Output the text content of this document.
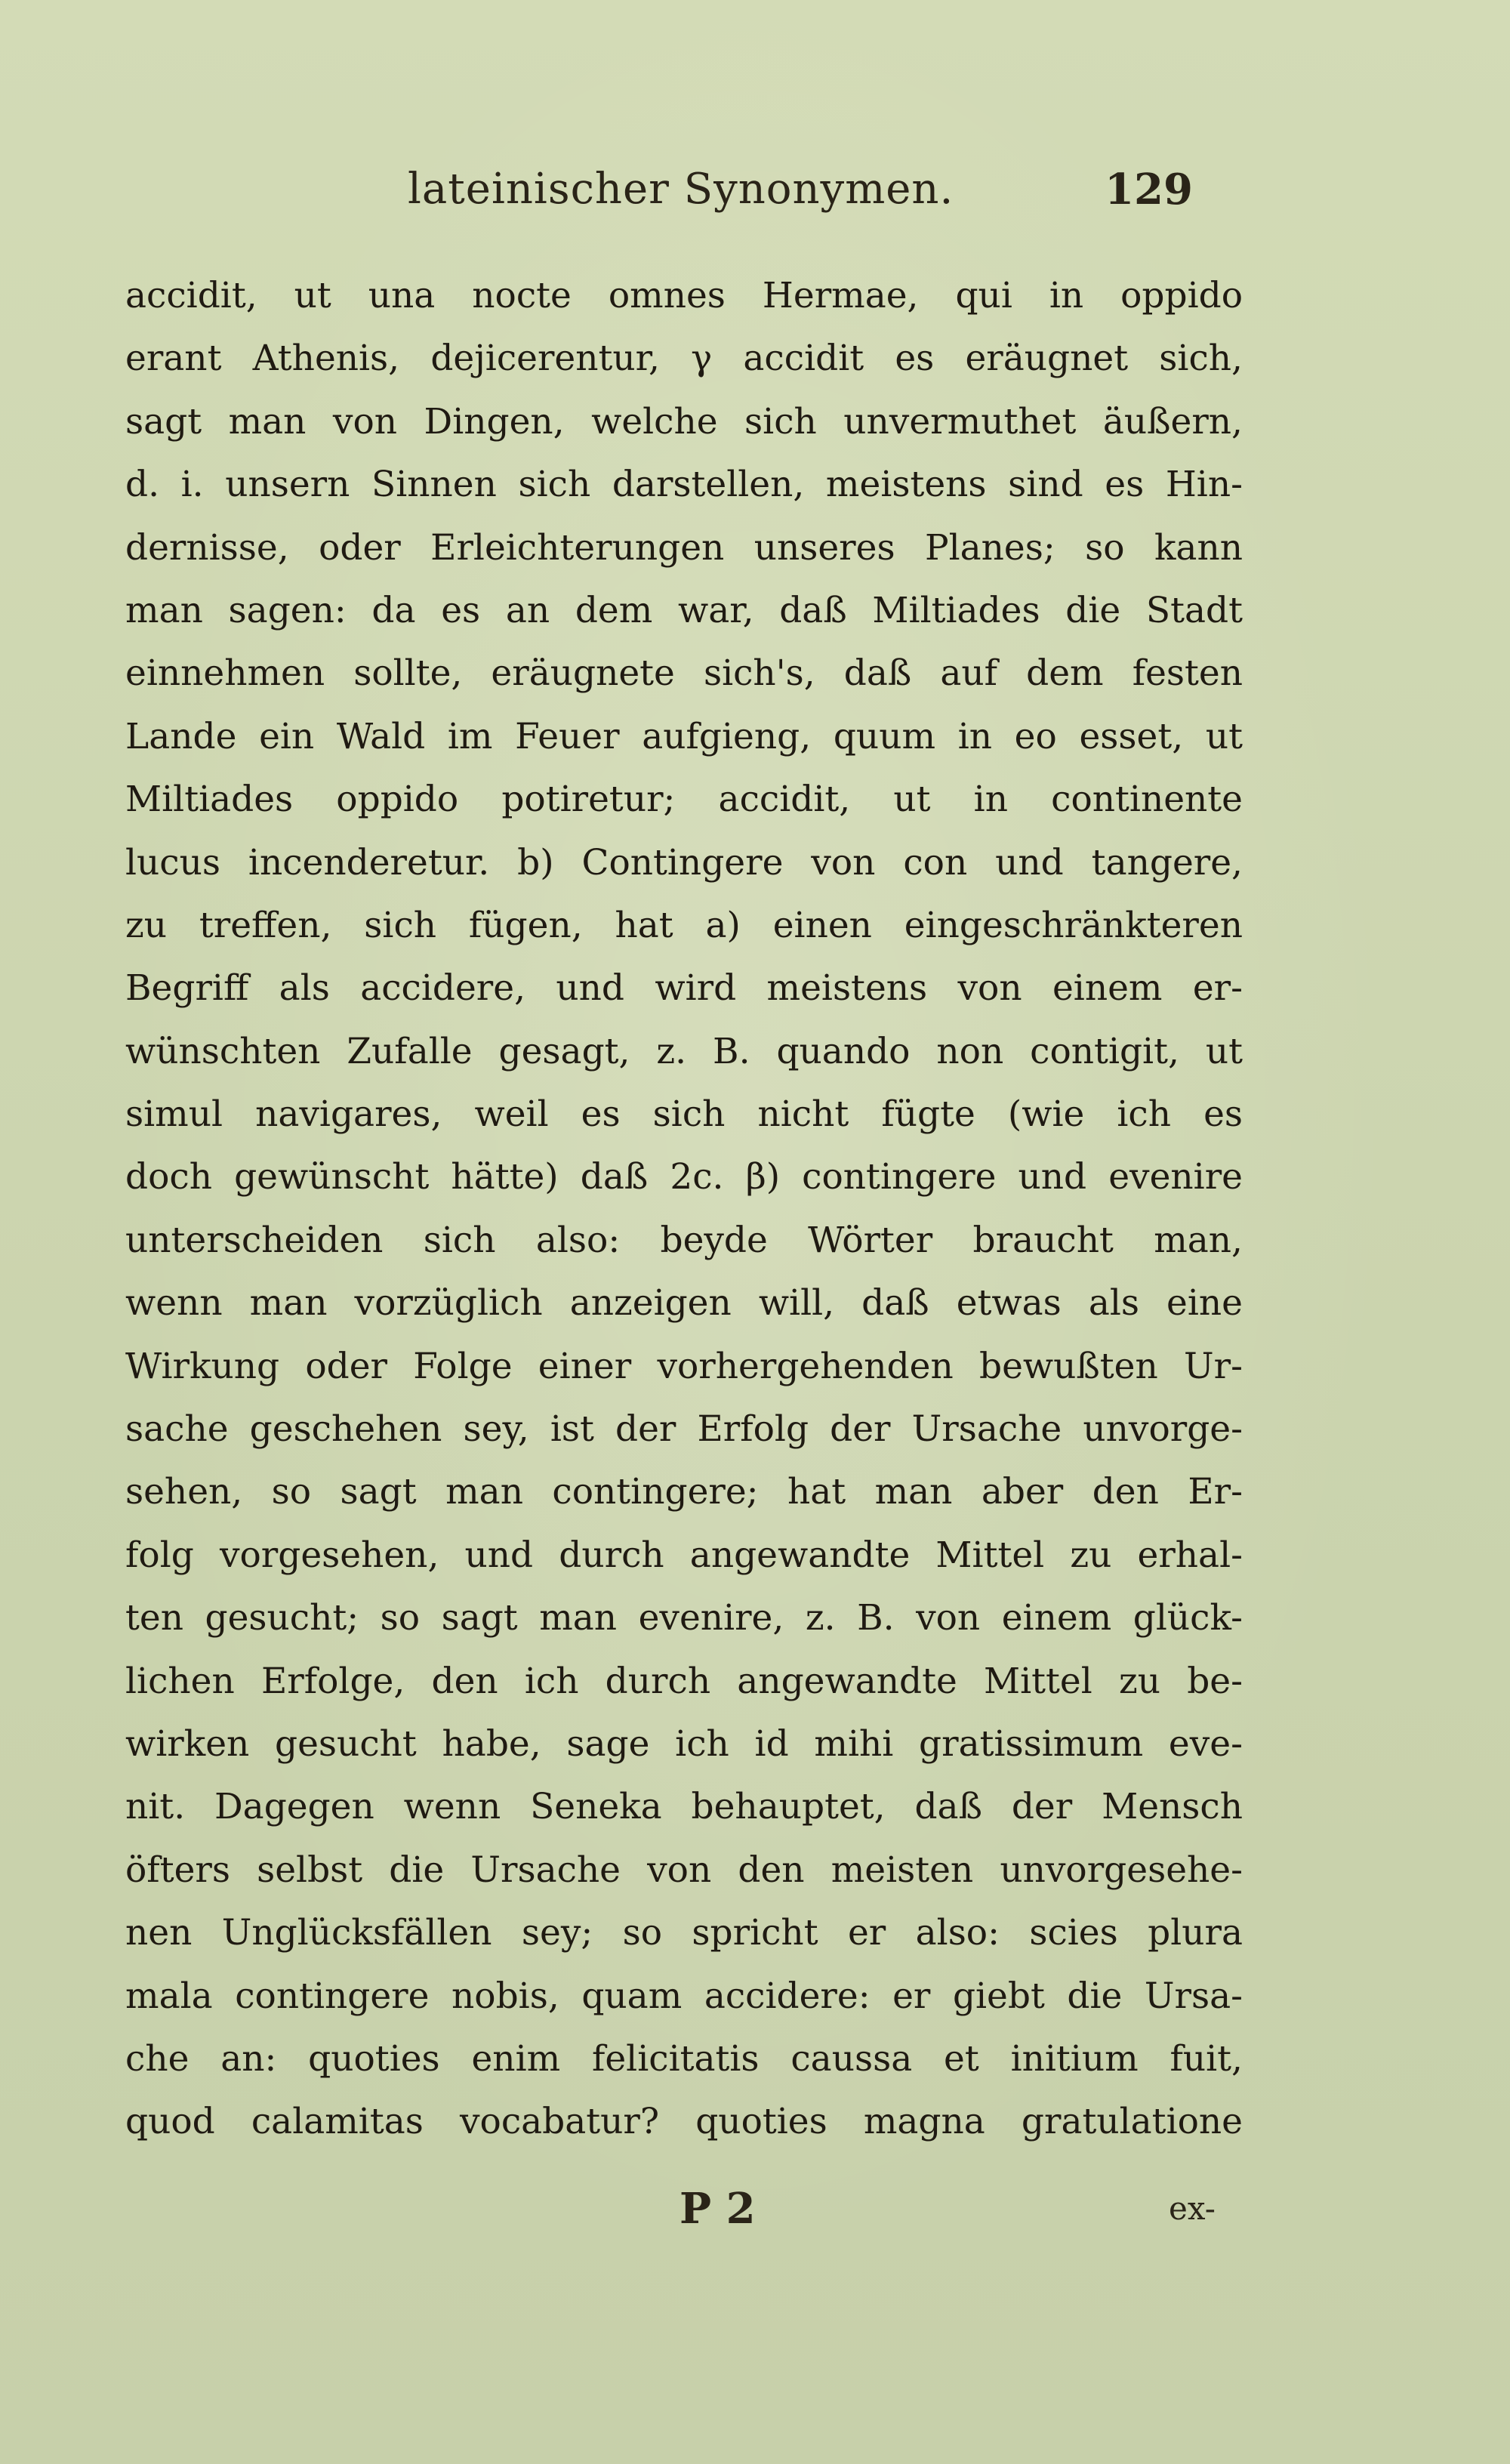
lateinischer Synonymen.	129
accidit, ut una nocte omnes Hermae, qui in oppido
erant Athenis, dejicerentur, γ accidit es eräugnet sich,
sagt man von Dingen, welche sich unvermuthet äußern,
d. i. unsern Sinnen sich darstellen, meistens sind es Hin-
dernisse, oder Erleichterungen unseres Planes; so kann
man sagen: da es an dem war, daß Miltiades die Stadt
einnehmen sollte, eräugnete sich's, daß auf dem festen
Lande ein Wald im Feuer aufgieng, quum in eo esset, ut
Miltiades oppido potiretur; accidit, ut in continente
lucus incenderetur. b) Contingere von con und tangere,
zu treffen, sich fügen, hat a) einen eingeschränkteren
Begriff als accidere, und wird meistens von einem er-
wünschten Zufalle gesagt, z. B. quando non contigit, ut
simul navigares, weil es sich nicht fügte (wie ich es
doch gewünscht hätte) daß 2c. β) contingere und evenire
unterscheiden sich also: beyde Wörter braucht man,
wenn man vorzüglich anzeigen will, daß etwas als eine
Wirkung oder Folge einer vorhergehenden bewußten Ur-
sache geschehen sey, ist der Erfolg der Ursache unvorge-
sehen, so sagt man contingere; hat man aber den Er-
folg vorgesehen, und durch angewandte Mittel zu erhal-
ten gesucht; so sagt man evenire, z. B. von einem glück-
lichen Erfolge, den ich durch angewandte Mittel zu be-
wirken gesucht habe, sage ich id mihi gratissimum eve-
nit. Dagegen wenn Seneka behauptet, daß der Mensch
öfters selbst die Ursache von den meisten unvorgesehe-
nen Unglücksfällen sey; so spricht er also: scies plura
mala contingere nobis, quam accidere: er giebt die Ursa-
che an: quoties enim felicitatis caussa et initium fuit,
quod calamitas vocabatur? quoties magna gratulatione
P 2	ex-
